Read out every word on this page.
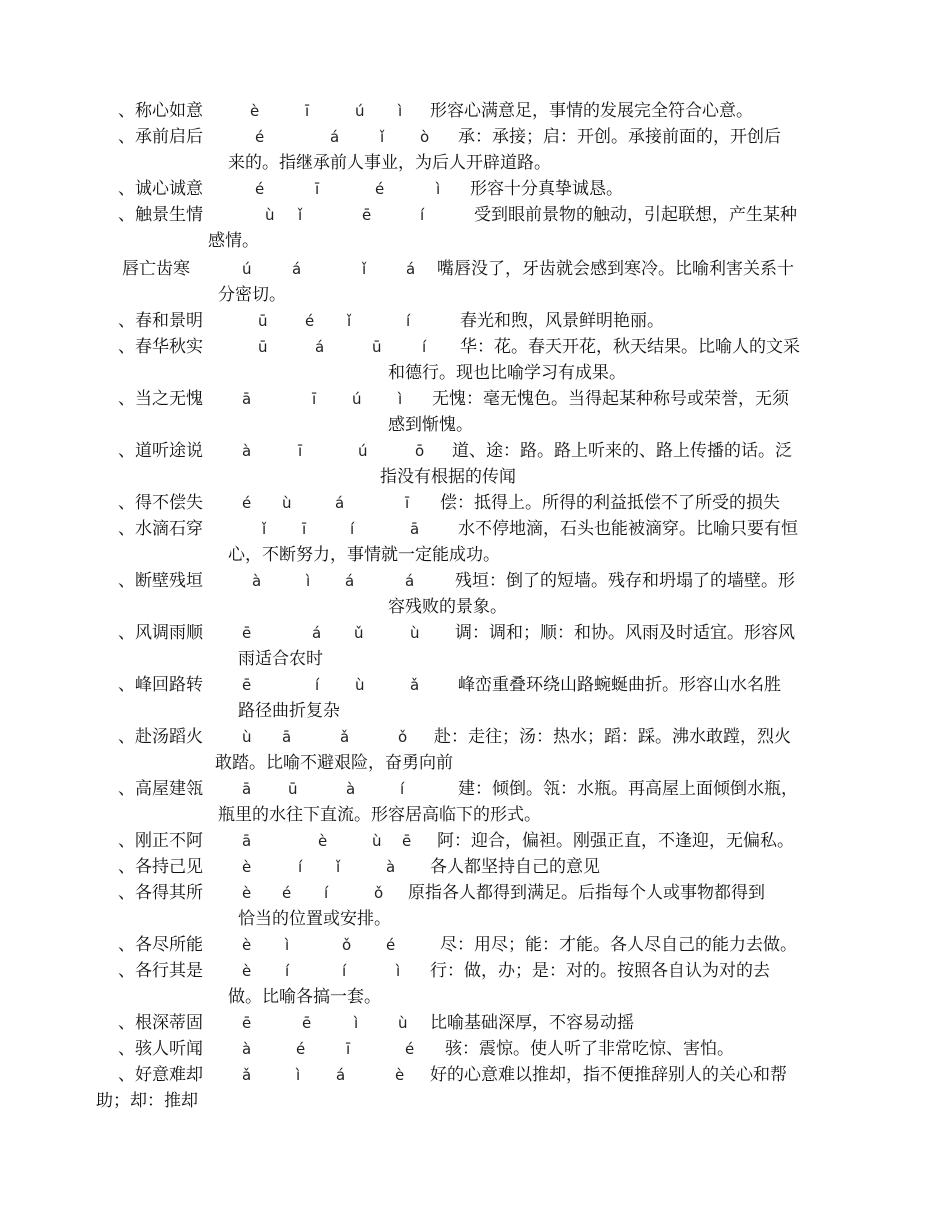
、称心如意	è	ī	ú ì 形容心满意足，事情的发展完全符合心意。
、承前启后	é	á	ǐ ò 承：承接；启：开创。承接前面的，开创后
来的。指继承前人事业，为后人开辟道路。
、诚心诚意	é	ī	é	ì 形容十分真挚诚恳。
、触景生情	ù ǐ	ē	í	受到眼前景物的触动，引起联想，产生某种
感情。
唇亡齿寒	ú	á	ǐ	á 嘴唇没了，牙齿就会感到寒冷。比喻利害关系十
分密切。
、春和景明	ū é ǐ	í	春光和煦，风景鲜明艳丽。
、春华秋实	ū	á	ū	í 华：花。春天开花，秋天结果。比喻人的文采
和德行。现也比喻学习有成果。
、当之无愧	ā	ī ú ì 无愧：毫无愧色。当得起某种称号或荣誉，无须
感到惭愧。
、道听途说	à	ī	ú	ō 道、途：路。路上听来的、路上传播的话。泛
指没有根据的传闻
、得不偿失	é ù	á	ī 偿：抵得上。所得的利益抵偿不了所受的损失
、水滴石穿	ǐ ī	í	ā 水不停地滴，石头也能被滴穿。比喻只要有恒
心，不断努力，事情就一定能成功。
、断壁残垣	à	ì á	á 残垣：倒了的短墙。残存和坍塌了的墙壁。形
容残败的景象。
、风调雨顺	ē	á ǔ	ù 调：调和；顺：和协。风雨及时适宜。形容风
雨适合农时
、峰回路转	ē	í ù	ǎ 峰峦重叠环绕山路蜿蜒曲折。形容山水名胜
路径曲折复杂
、赴汤蹈火	ù ā	ǎ	ǒ 赴：走往；汤：热水；蹈：踩。沸水敢蹚，烈火
敢踏。比喻不避艰险，奋勇向前
、高屋建瓴	ā ū	à	í	建：倾倒。瓴：水瓶。再高屋上面倾倒水瓶，
瓶里的水往下直流。形容居高临下的形式。
、刚正不阿	ā	è	ù ē 阿：迎合，偏袒。刚强正直，不逢迎，无偏私。
、各持己见	è	í ǐ	à 各人都坚持自己的意见
、各得其所	è é í	ǒ 原指各人都得到满足。后指每个人或事物都得到
恰当的位置或安排。
、各尽所能	è ì	ǒ é	尽：用尽；能：才能。各人尽自己的能力去做。
、各行其是	è í	í	ì 行：做，办；是：对的。按照各自认为对的去
做。比喻各搞一套。
、根深蒂固	ē	ē	ì	ù 比喻基础深厚，不容易动摇
、骇人听闻	à	é	ī	é 骇：震惊。使人听了非常吃惊、害怕。
、好意难却	ǎ	ì á	è 好的心意难以推却，指不便推辞别人的关心和帮
助；却：推却
